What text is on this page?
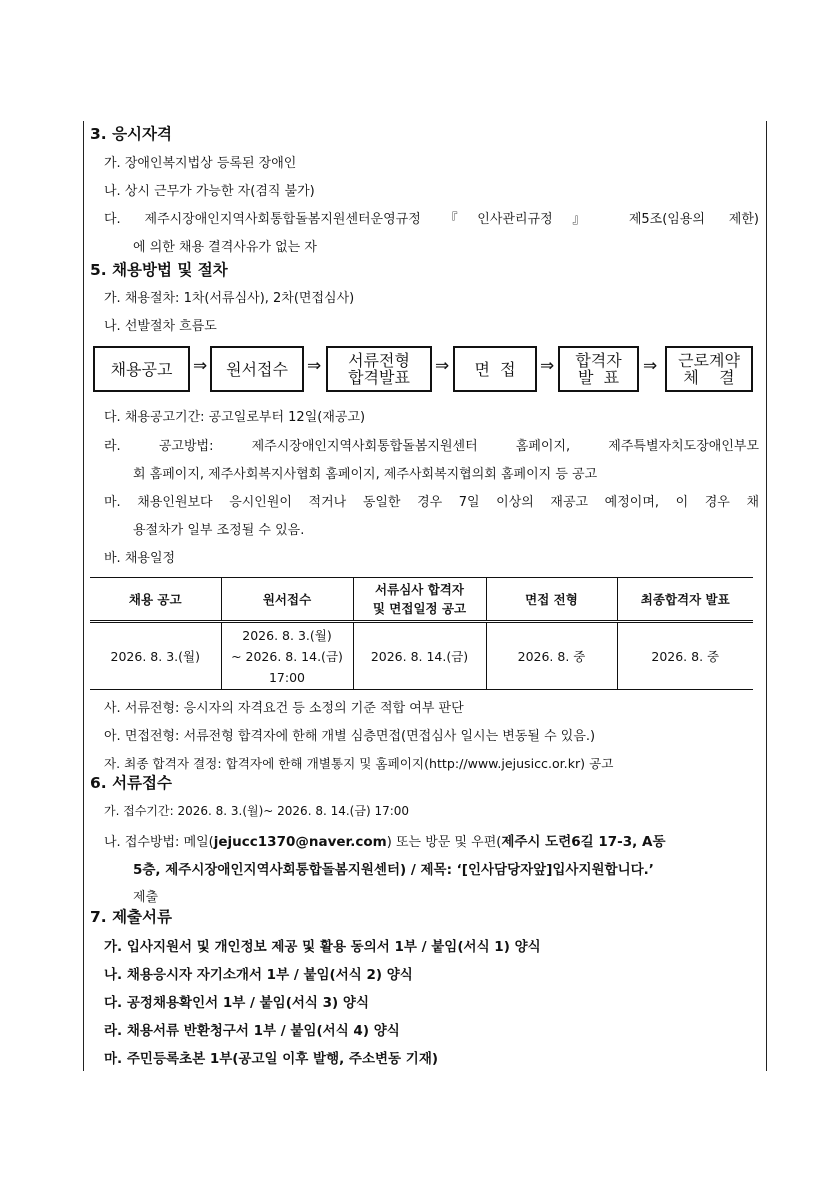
3. 응시자격
가. 장애인복지법상 등록된 장애인
나. 상시 근무가 가능한 자(겸직 불가)
다. 제주시장애인지역사회통합돌봄지원센터운영규정 『인사관리규정』 제5조(임용의 제한)
에 의한 채용 결격사유가 없는 자
5. 채용방법 및 절차
가. 채용절차: 1차(서류심사), 2차(면접심사)
나. 선발절차 흐름도
채용공고 ⇒ 원서접수 ⇒ 서류전형
합격발표
⇒ 면  접 ⇒ 합격자
발  표
⇒ 근로계약
체    결
다. 채용공고기간: 공고일로부터 12일(재공고)
라. 공고방법: 제주시장애인지역사회통합돌봄지원센터 홈페이지, 제주특별자치도장애인부모
회 홈페이지, 제주사회복지사협회 홈페이지, 제주사회복지협의회 홈페이지 등 공고
마. 채용인원보다 응시인원이 적거나 동일한 경우 7일 이상의 재공고 예정이며, 이 경우 채
용절차가 일부 조정될 수 있음.
바. 채용일정
채용 공고	원서접수	서류심사 합격자
및 면접일정 공고	면접 전형	최종합격자 발표
2026. 8. 3.(월)	2026. 8. 3.(월)
~ 2026. 8. 14.(금)
17:00	2026. 8. 14.(금)	2026. 8. 중	2026. 8. 중
사. 서류전형: 응시자의 자격요건 등 소정의 기준 적합 여부 판단
아. 면접전형: 서류전형 합격자에 한해 개별 심층면접(면접심사 일시는 변동될 수 있음.)
자. 최종 합격자 결정: 합격자에 한해 개별통지 및 홈페이지(http://www.jejusicc.or.kr) 공고
6. 서류접수
가. 접수기간: 2026. 8. 3.(월)~ 2026. 8. 14.(금) 17:00
나. 접수방법: 메일(jejucc1370@naver.com) 또는 방문 및 우편(제주시 도련6길 17-3, A동
5층, 제주시장애인지역사회통합돌봄지원센터) / 제목: ‘[인사담당자앞]입사지원합니다.’
제출
7. 제출서류
가. 입사지원서 및 개인정보 제공 및 활용 동의서 1부 / 붙임(서식 1) 양식
나. 채용응시자 자기소개서 1부 / 붙임(서식 2) 양식
다. 공정채용확인서 1부 / 붙임(서식 3) 양식
라. 채용서류 반환청구서 1부 / 붙임(서식 4) 양식
마. 주민등록초본 1부(공고일 이후 발행, 주소변동 기재)
